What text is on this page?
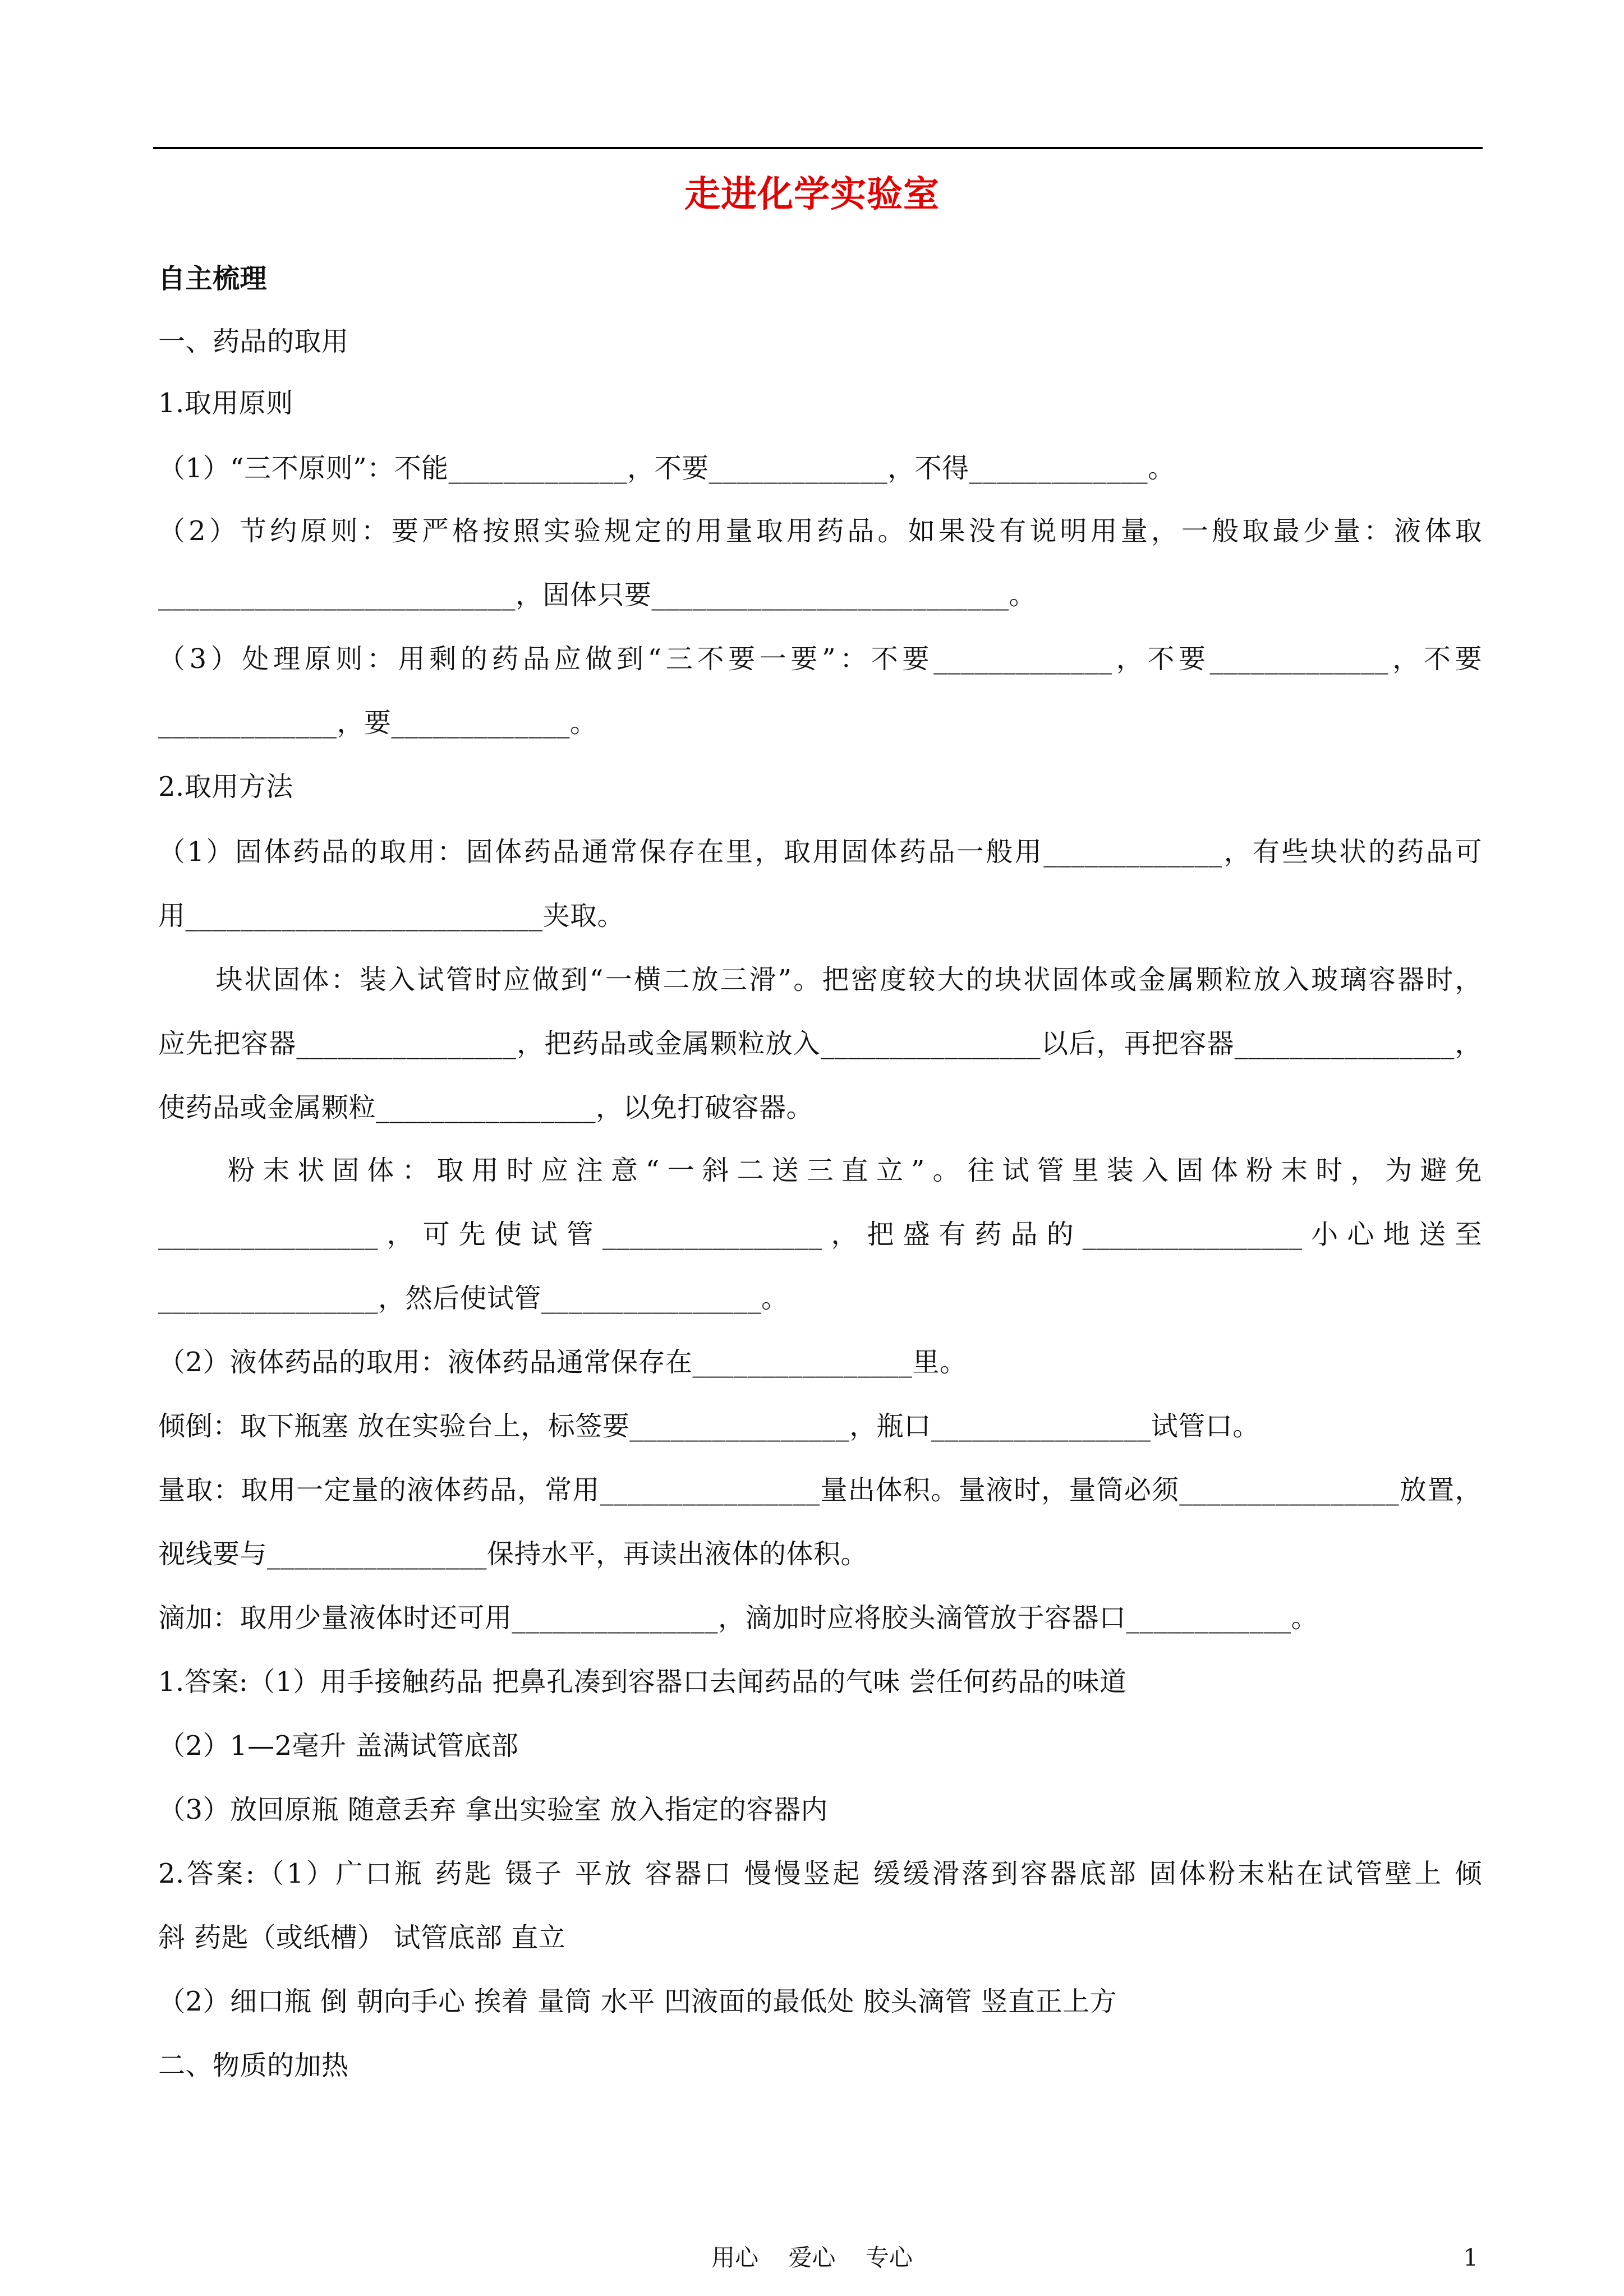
走进化学实验室
自主梳理
一、药品的取用
1.取用原则
（1）“三不原则”：不能_____________，不要_____________，不得_____________。
（2）节约原则：要严格按照实验规定的用量取用药品。如果没有说明用量，一般取最少量：液体取
__________________________，固体只要__________________________。
（3）处理原则：用剩的药品应做到“三不要一要”：不要_____________，不要_____________，不要
_____________，要_____________。
2.取用方法
（1）固体药品的取用：固体药品通常保存在里，取用固体药品一般用_____________，有些块状的药品可
用__________________________夹取。
　　块状固体：装入试管时应做到“一横二放三滑”。把密度较大的块状固体或金属颗粒放入玻璃容器时，
应先把容器________________，把药品或金属颗粒放入________________以后，再把容器________________，
使药品或金属颗粒________________，以免打破容器。
　　粉末状固体：取用时应注意“一斜二送三直立”。往试管里装入固体粉末时，为避免
________________，可先使试管________________，把盛有药品的________________小心地送至
________________，然后使试管________________。
（2）液体药品的取用：液体药品通常保存在________________里。
倾倒：取下瓶塞 放在实验台上，标签要________________，瓶口________________试管口。
量取：取用一定量的液体药品，常用________________量出体积。量液时，量筒必须________________放置，
视线要与________________保持水平，再读出液体的体积。
滴加：取用少量液体时还可用_______________，滴加时应将胶头滴管放于容器口____________。
1.答案:（1）用手接触药品 把鼻孔凑到容器口去闻药品的气味 尝任何药品的味道
（2）1—2毫升 盖满试管底部
（3）放回原瓶 随意丢弃 拿出实验室 放入指定的容器内
2.答案:（1）广口瓶 药匙 镊子 平放 容器口 慢慢竖起 缓缓滑落到容器底部 固体粉末粘在试管壁上 倾
斜 药匙（或纸槽） 试管底部 直立
（2）细口瓶 倒 朝向手心 挨着 量筒 水平 凹液面的最低处 胶头滴管 竖直正上方
二、物质的加热
用心 爱心 专心	1
